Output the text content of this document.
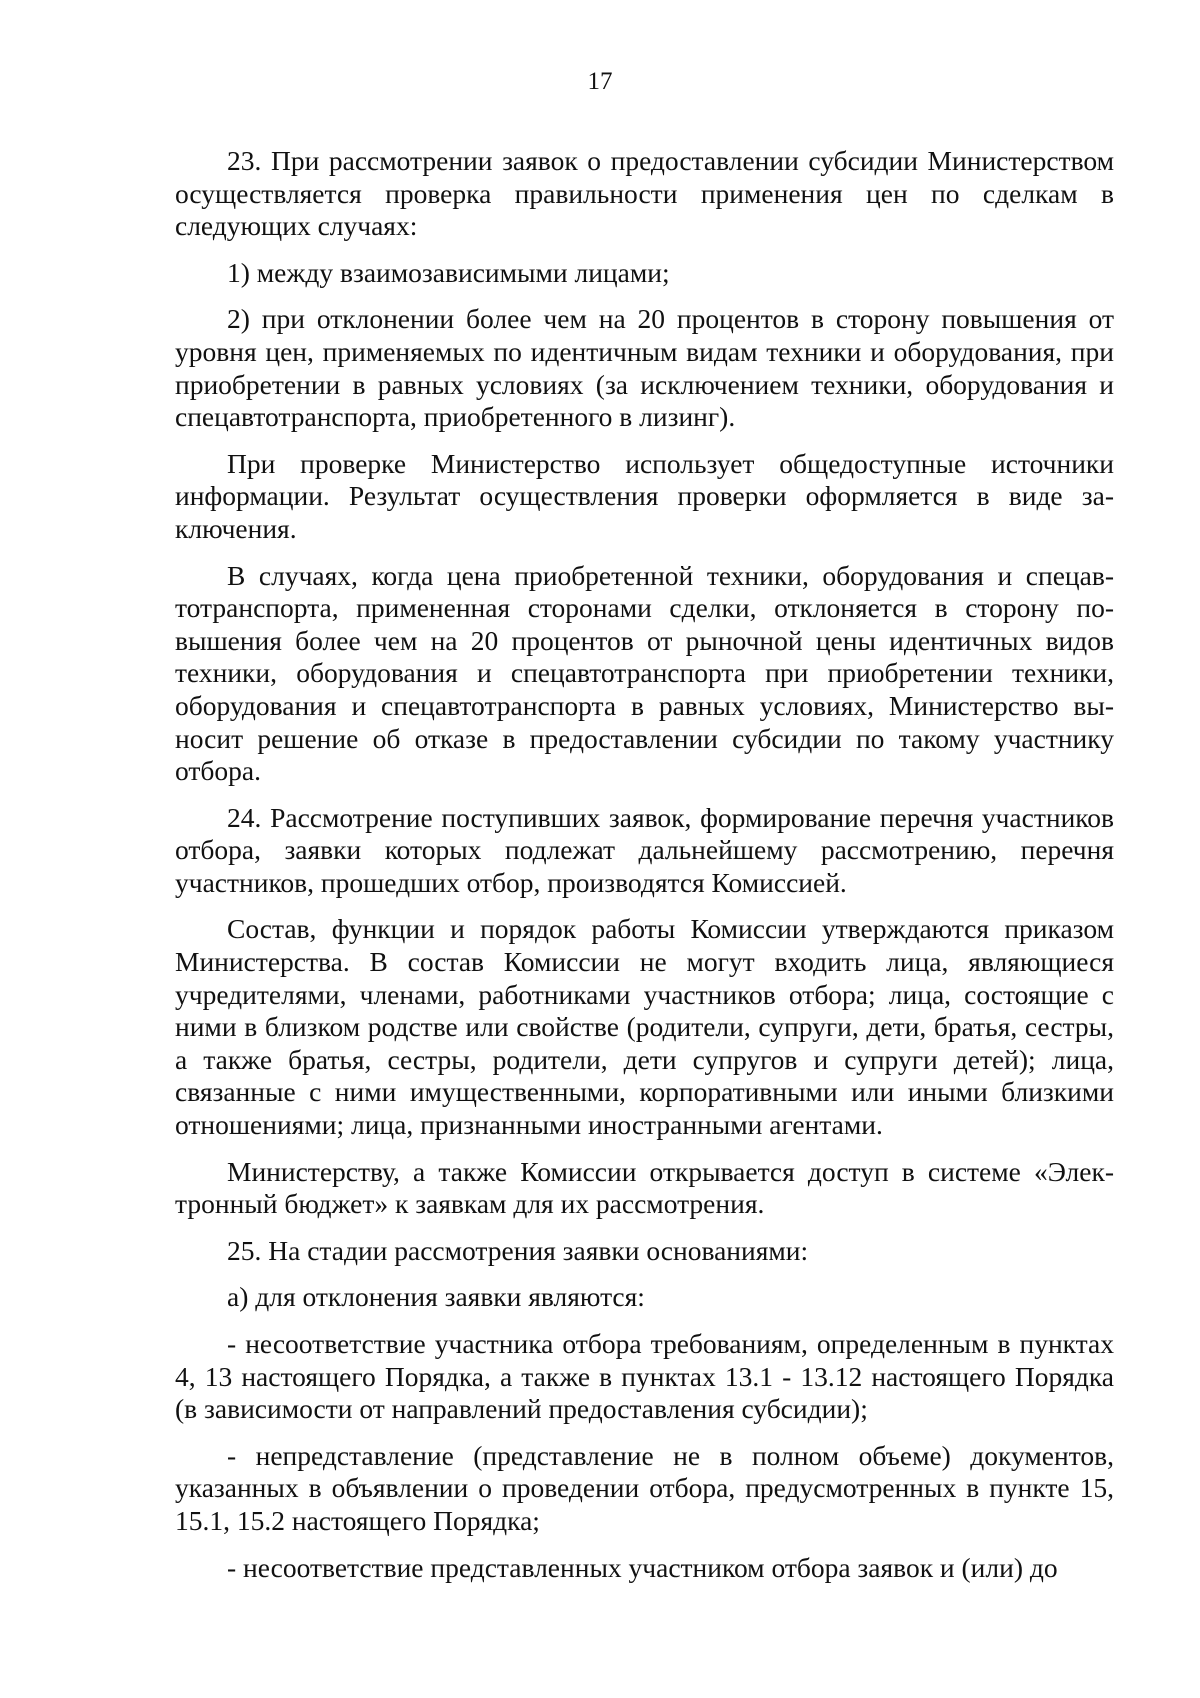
17

23. При рассмотрении заявок о предоставлении субсидии Министерством осуществляется проверка правильности применения цен по сделкам в следующих случаях:

1) между взаимозависимыми лицами;

2) при отклонении более чем на 20 процентов в сторону повышения от уровня цен, применяемых по идентичным видам техники и оборудования, при приобретении в равных условиях (за исключением техники, оборудования и спецавтотранспорта, приобретенного в лизинг).

При проверке Министерство использует общедоступные источники информации. Результат осуществления проверки оформляется в виде заключения.

В случаях, когда цена приобретенной техники, оборудования и спецавтотранспорта, примененная сторонами сделки, отклоняется в сторону повышения более чем на 20 процентов от рыночной цены идентичных видов техники, оборудования и спецавтотранспорта при приобретении техники, оборудования и спецавтотранспорта в равных условиях, Министерство выносит решение об отказе в предоставлении субсидии по такому участнику отбора.

24. Рассмотрение поступивших заявок, формирование перечня участников отбора, заявки которых подлежат дальнейшему рассмотрению, перечня участников, прошедших отбор, производятся Комиссией.

Состав, функции и порядок работы Комиссии утверждаются приказом Министерства. В состав Комиссии не могут входить лица, являющиеся учредителями, членами, работниками участников отбора; лица, состоящие с ними в близком родстве или свойстве (родители, супруги, дети, братья, сестры, а также братья, сестры, родители, дети супругов и супруги детей); лица, связанные с ними имущественными, корпоративными или иными близкими отношениями; лица, признанными иностранными агентами.

Министерству, а также Комиссии открывается доступ в системе «Электронный бюджет» к заявкам для их рассмотрения.

25. На стадии рассмотрения заявки основаниями:

а) для отклонения заявки являются:

- несоответствие участника отбора требованиям, определенным в пунктах 4, 13 настоящего Порядка, а также в пунктах 13.1 - 13.12 настоящего Порядка (в зависимости от направлений предоставления субсидии);

- непредставление (представление не в полном объеме) документов, указанных в объявлении о проведении отбора, предусмотренных в пункте 15, 15.1, 15.2 настоящего Порядка;

- несоответствие представленных участником отбора заявок и (или) до
